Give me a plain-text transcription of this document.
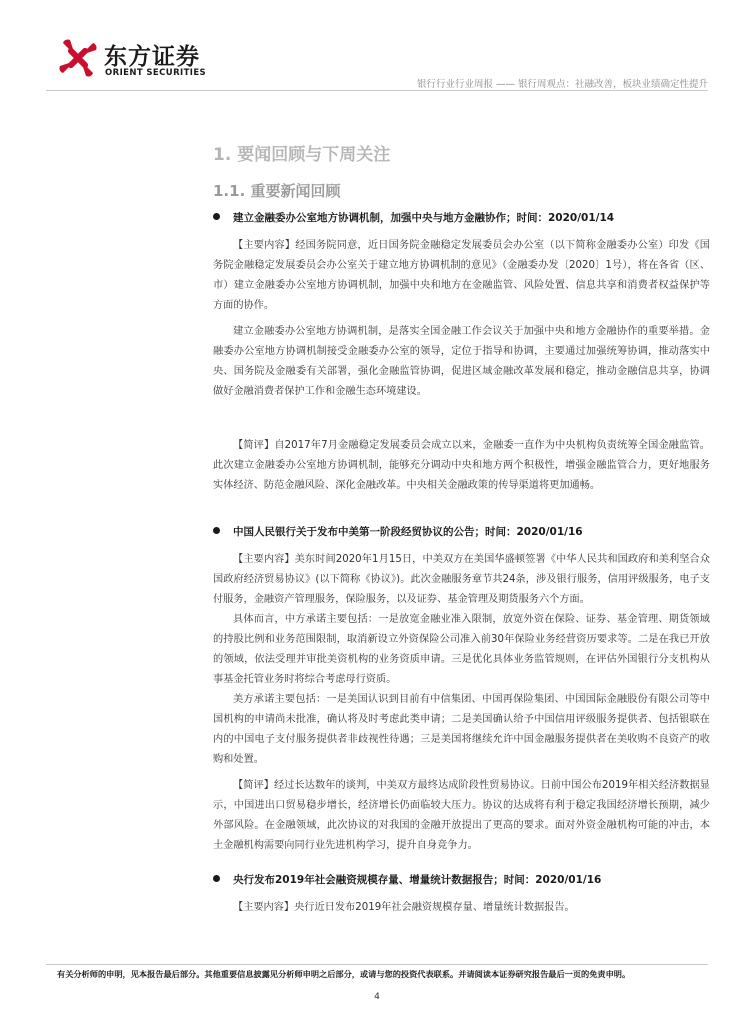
东方证券
ORIENT SECURITIES
银行行业行业周报 —— 银行周观点：社融改善，板块业绩确定性提升
1. 要闻回顾与下周关注
1.1. 重要新闻回顾
建立金融委办公室地方协调机制，加强中央与地方金融协作；时间：2020/01/14

【主要内容】经国务院同意，近日国务院金融稳定发展委员会办公室（以下简称金融委办公室）印发《国务院金融稳定发展委员会办公室关于建立地方协调机制的意见》（金融委办发〔2020〕1号），将在各省（区、市）建立金融委办公室地方协调机制，加强中央和地方在金融监管、风险处置、信息共享和消费者权益保护等方面的协作。

建立金融委办公室地方协调机制，是落实全国金融工作会议关于加强中央和地方金融协作的重要举措。金融委办公室地方协调机制接受金融委办公室的领导，定位于指导和协调，主要通过加强统筹协调，推动落实中央、国务院及金融委有关部署，强化金融监管协调，促进区域金融改革发展和稳定，推动金融信息共享，协调做好金融消费者保护工作和金融生态环境建设。

【简评】自2017年7月金融稳定发展委员会成立以来，金融委一直作为中央机构负责统筹全国金融监管。此次建立金融委办公室地方协调机制，能够充分调动中央和地方两个积极性，增强金融监管合力，更好地服务实体经济、防范金融风险、深化金融改革。中央相关金融政策的传导渠道将更加通畅。

中国人民银行关于发布中美第一阶段经贸协议的公告；时间：2020/01/16

【主要内容】美东时间2020年1月15日，中美双方在美国华盛顿签署《中华人民共和国政府和美利坚合众国政府经济贸易协议》(以下简称《协议》)。此次金融服务章节共24条，涉及银行服务，信用评级服务，电子支付服务，金融资产管理服务，保险服务，以及证券、基金管理及期货服务六个方面。

具体而言，中方承诺主要包括：一是放宽金融业准入限制，放宽外资在保险、证券、基金管理、期货领域的持股比例和业务范围限制，取消新设立外资保险公司准入前30年保险业务经营资历要求等。二是在我已开放的领域，依法受理并审批美资机构的业务资质申请。三是优化具体业务监管规则，在评估外国银行分支机构从事基金托管业务时将综合考虑母行资质。

美方承诺主要包括：一是美国认识到目前有中信集团、中国再保险集团、中国国际金融股份有限公司等中国机构的申请尚未批准，确认将及时考虑此类申请；二是美国确认给予中国信用评级服务提供者、包括银联在内的中国电子支付服务提供者非歧视性待遇；三是美国将继续允许中国金融服务提供者在美收购不良资产的收购和处置。

【简评】经过长达数年的谈判，中美双方最终达成阶段性贸易协议。日前中国公布2019年相关经济数据显示，中国进出口贸易稳步增长，经济增长仍面临较大压力。协议的达成将有利于稳定我国经济增长预期，减少外部风险。在金融领域，此次协议的对我国的金融开放提出了更高的要求。面对外资金融机构可能的冲击，本土金融机构需要向同行业先进机构学习，提升自身竞争力。

央行发布2019年社会融资规模存量、增量统计数据报告；时间：2020/01/16

【主要内容】央行近日发布2019年社会融资规模存量、增量统计数据报告。

有关分析师的申明，见本报告最后部分。其他重要信息披露见分析师申明之后部分，或请与您的投资代表联系。并请阅读本证券研究报告最后一页的免责申明。
4
